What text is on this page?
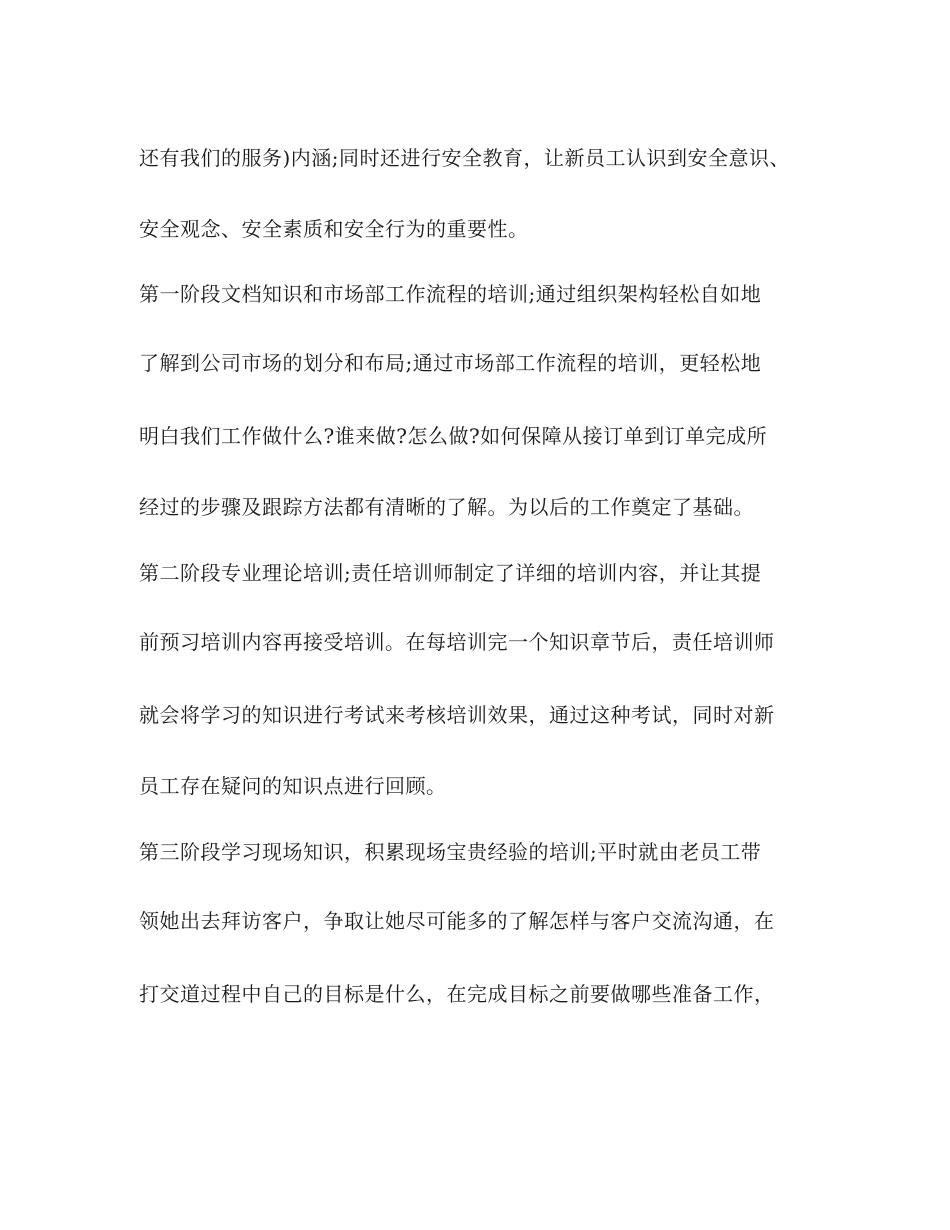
还有我们的服务)内涵;同时还进行安全教育，让新员工认识到安全意识、
安全观念、安全素质和安全行为的重要性。
第一阶段文档知识和市场部工作流程的培训;通过组织架构轻松自如地
了解到公司市场的划分和布局;通过市场部工作流程的培训，更轻松地
明白我们工作做什么?谁来做?怎么做?如何保障从接订单到订单完成所
经过的步骤及跟踪方法都有清晰的了解。为以后的工作奠定了基础。
第二阶段专业理论培训;责任培训师制定了详细的培训内容，并让其提
前预习培训内容再接受培训。在每培训完一个知识章节后，责任培训师
就会将学习的知识进行考试来考核培训效果，通过这种考试，同时对新
员工存在疑问的知识点进行回顾。
第三阶段学习现场知识，积累现场宝贵经验的培训;平时就由老员工带
领她出去拜访客户，争取让她尽可能多的了解怎样与客户交流沟通，在
打交道过程中自己的目标是什么，在完成目标之前要做哪些准备工作，
